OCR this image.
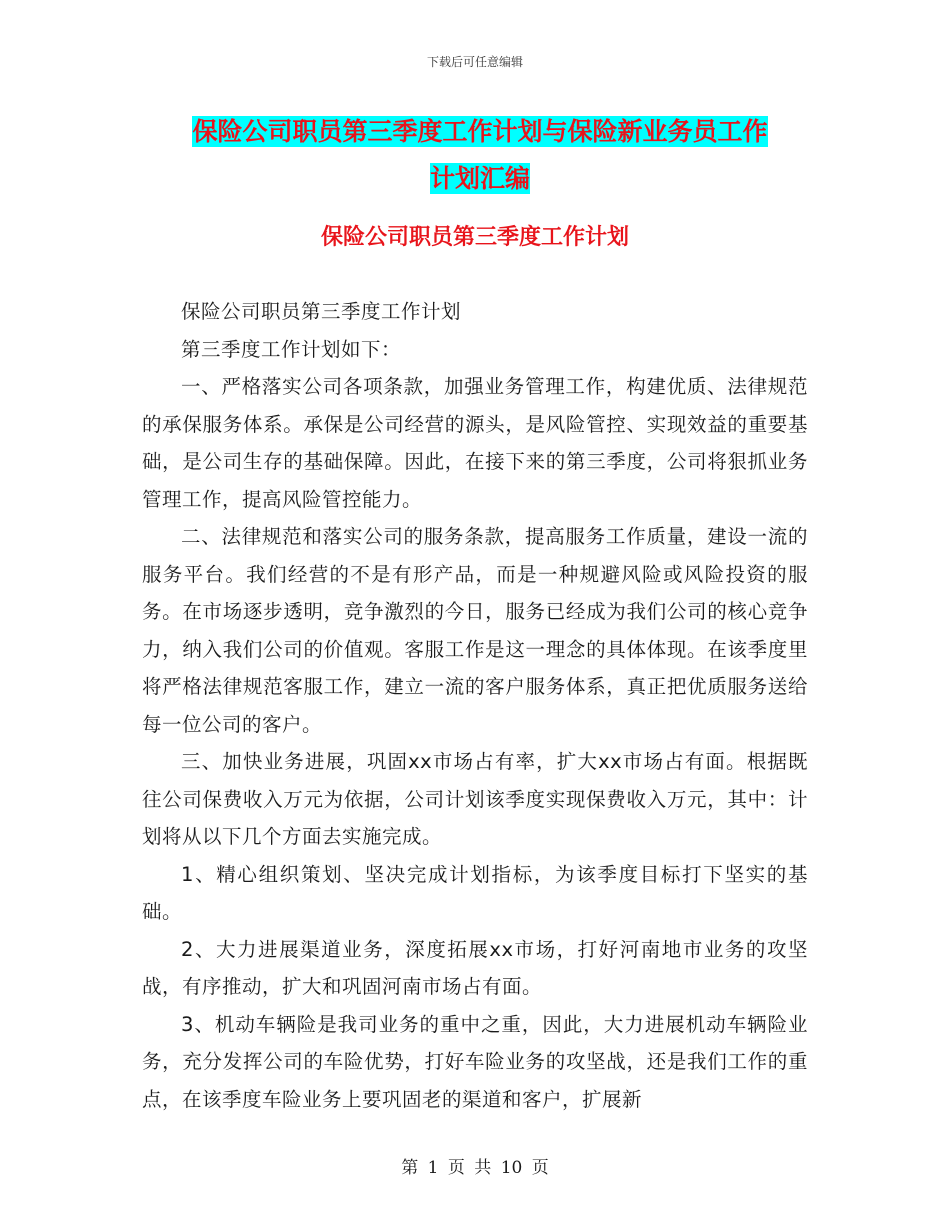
下载后可任意编辑
保险公司职员第三季度工作计划与保险新业务员工作
计划汇编
保险公司职员第三季度工作计划

保险公司职员第三季度工作计划

第三季度工作计划如下：

一、严格落实公司各项条款，加强业务管理工作，构建优质、法律规范的承保服务体系。承保是公司经营的源头，是风险管控、实现效益的重要基础，是公司生存的基础保障。因此，在接下来的第三季度，公司将狠抓业务管理工作，提高风险管控能力。

二、法律规范和落实公司的服务条款，提高服务工作质量，建设一流的服务平台。我们经营的不是有形产品，而是一种规避风险或风险投资的服务。在市场逐步透明，竞争激烈的今日，服务已经成为我们公司的核心竞争力，纳入我们公司的价值观。客服工作是这一理念的具体体现。在该季度里将严格法律规范客服工作，建立一流的客户服务体系，真正把优质服务送给每一位公司的客户。

三、加快业务进展，巩固xx市场占有率，扩大xx市场占有面。根据既往公司保费收入万元为依据，公司计划该季度实现保费收入万元，其中：计划将从以下几个方面去实施完成。

1、精心组织策划、坚决完成计划指标，为该季度目标打下坚实的基础。

2、大力进展渠道业务，深度拓展xx市场，打好河南地市业务的攻坚战，有序推动，扩大和巩固河南市场占有面。

3、机动车辆险是我司业务的重中之重，因此，大力进展机动车辆险业务，充分发挥公司的车险优势，打好车险业务的攻坚战，还是我们工作的重点，在该季度车险业务上要巩固老的渠道和客户，扩展新

第 1 页 共 10 页
